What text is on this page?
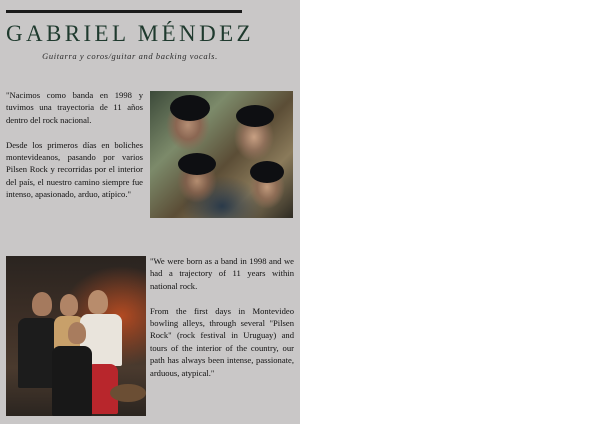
GABRIEL MÉNDEZ
Guitarra y coros/guitar and backing vocals.

"Nacimos como banda en 1998 y tuvimos una trayectoria de 11 años dentro del rock nacional.

Desde los primeros días en boliches montevideanos, pasando por varios Pilsen Rock y recorridas por el interior del país, el nuestro camino siempre fue intenso, apasionado, arduo, atípico."

"We were born as a band in 1998 and we had a trajectory of 11 years within national rock.

From the first days in Montevideo bowling alleys, through several "Pilsen Rock" (rock festival in Uruguay) and tours of the interior of the country, our path has always been intense, passionate, arduous, atypical."
